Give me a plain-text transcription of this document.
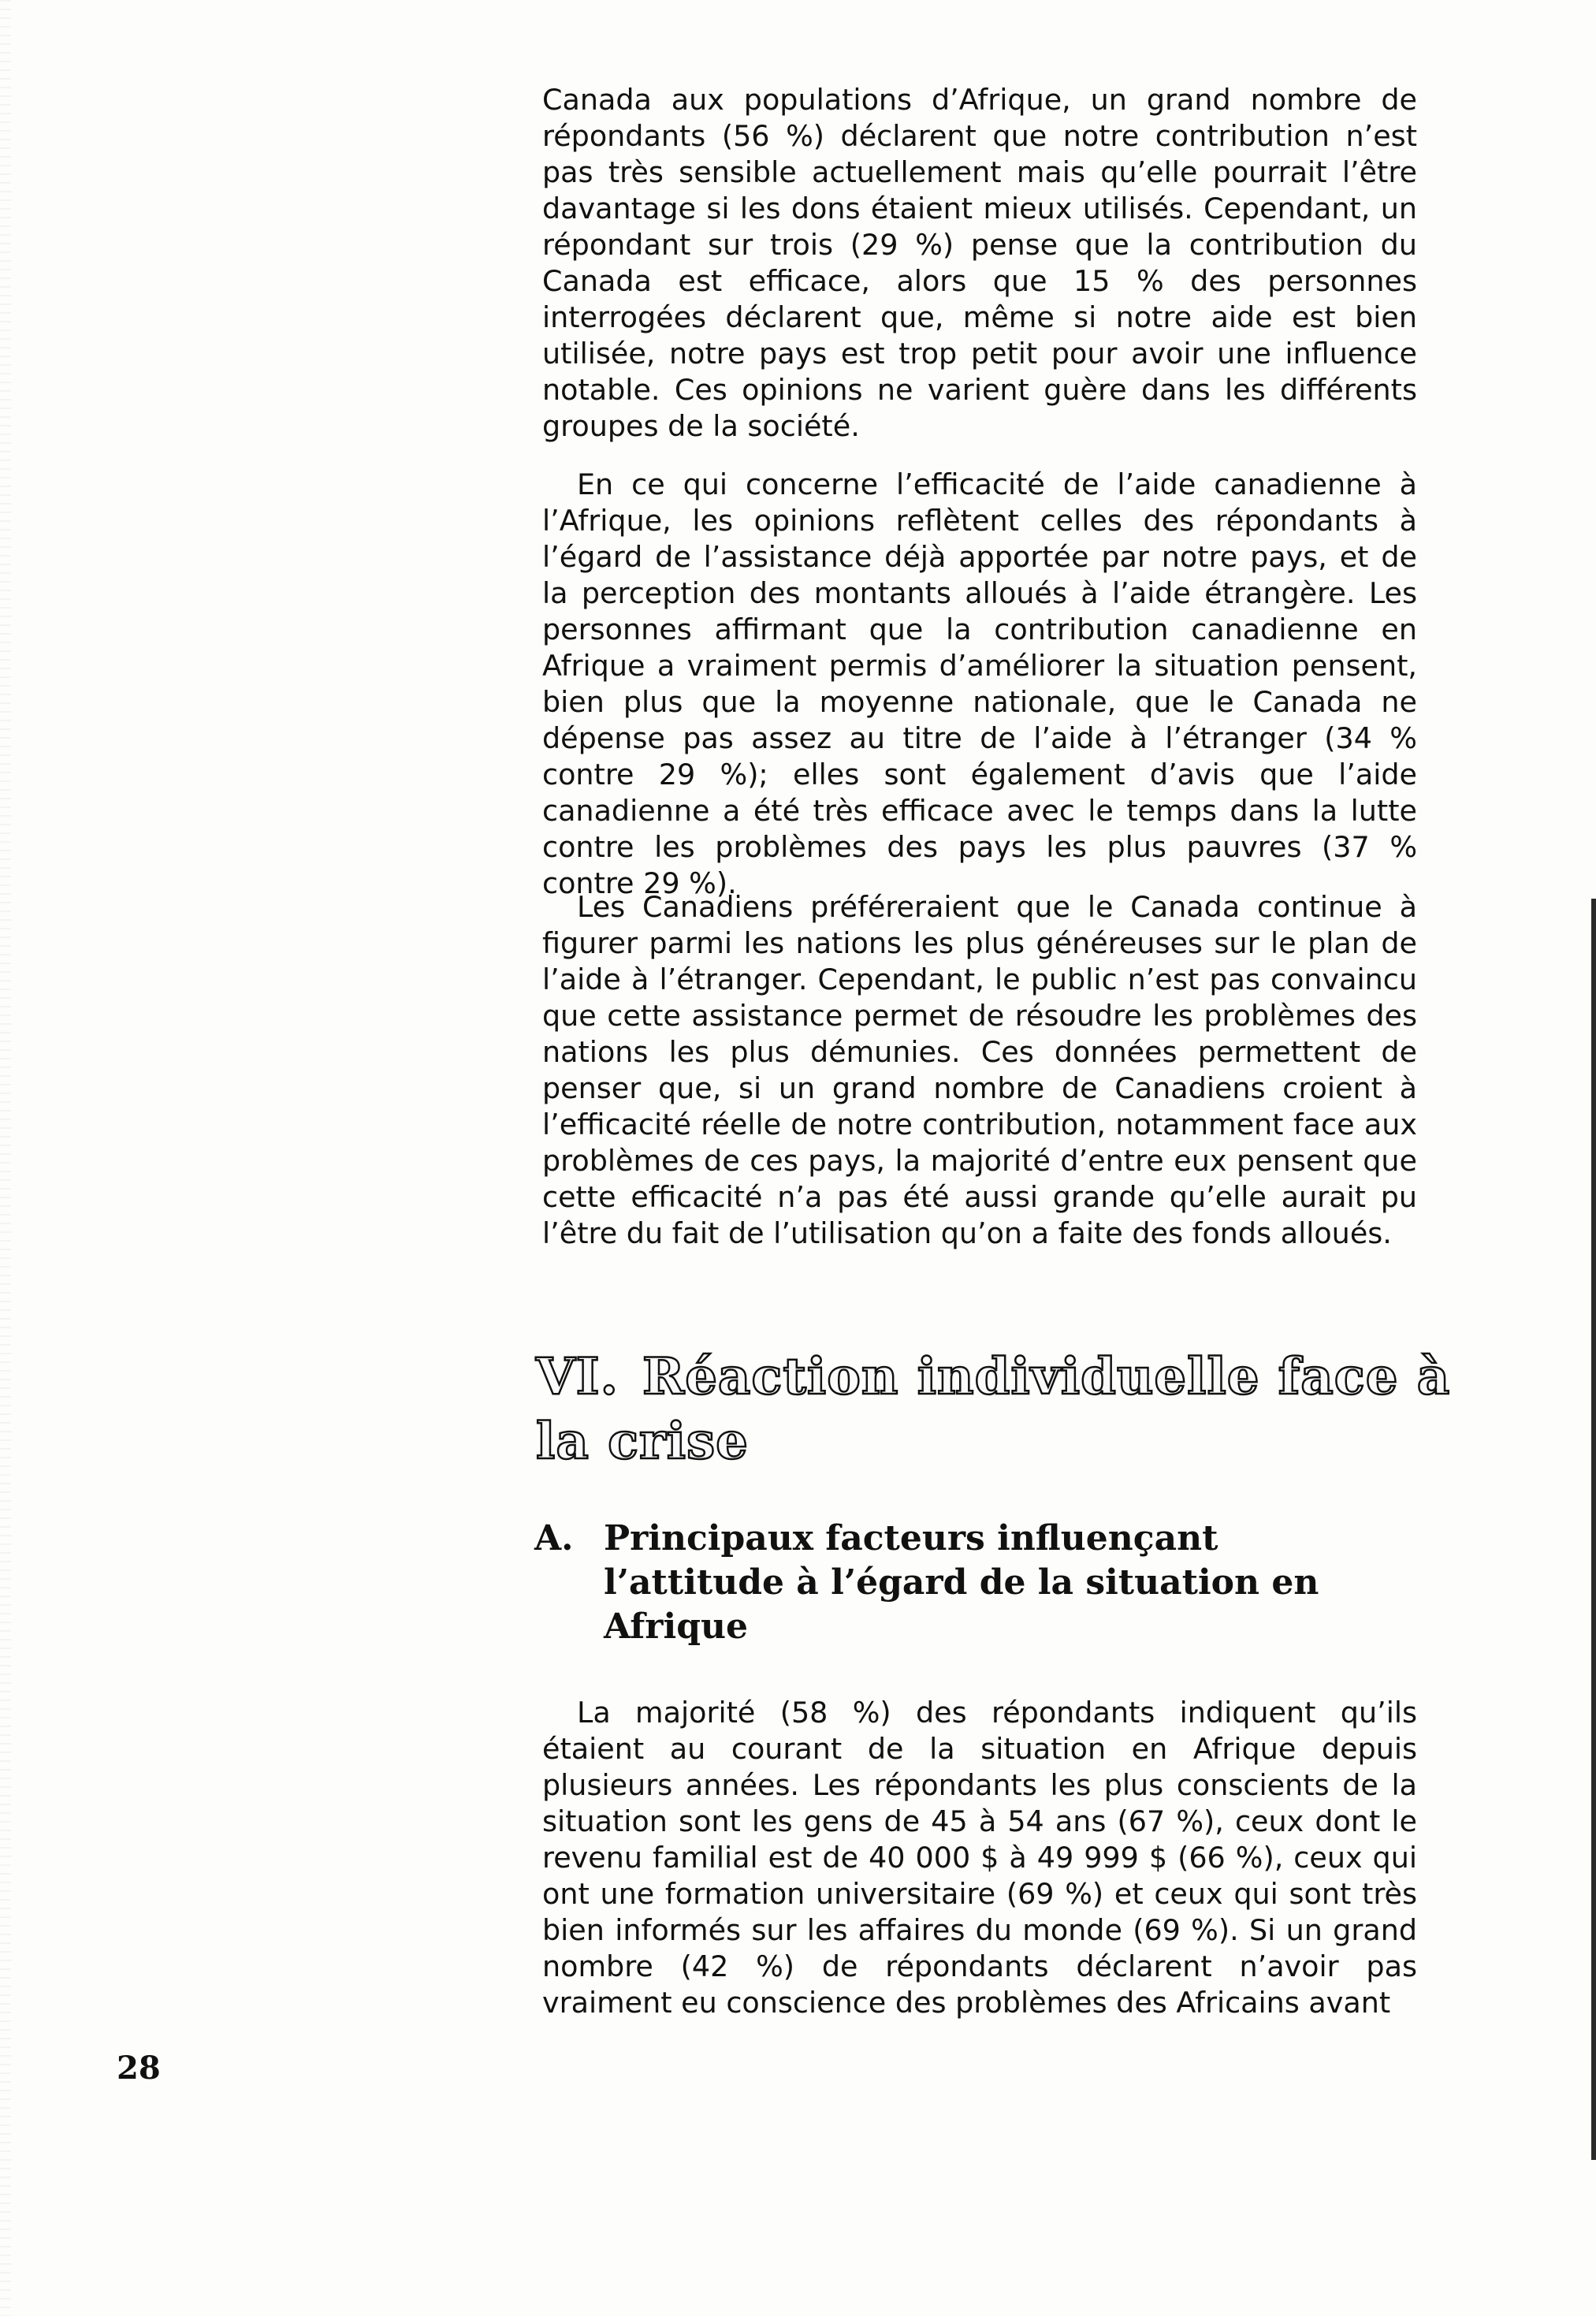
Canada aux populations d’Afrique, un grand nombre de répondants (56 %) déclarent que notre contribution n’est pas très sensible actuellement mais qu’elle pourrait l’être davantage si les dons étaient mieux utilisés. Cependant, un répondant sur trois (29 %) pense que la contribution du Canada est efficace, alors que 15 % des personnes interrogées déclarent que, même si notre aide est bien utilisée, notre pays est trop petit pour avoir une influence notable. Ces opinions ne varient guère dans les différents groupes de la société.

En ce qui concerne l’efficacité de l’aide canadienne à l’Afrique, les opinions reflètent celles des répondants à l’égard de l’assistance déjà apportée par notre pays, et de la perception des montants alloués à l’aide étrangère. Les personnes affirmant que la contribution canadienne en Afrique a vraiment permis d’améliorer la situation pensent, bien plus que la moyenne nationale, que le Canada ne dépense pas assez au titre de l’aide à l’étranger (34 % contre 29 %); elles sont également d’avis que l’aide canadienne a été très efficace avec le temps dans la lutte contre les problèmes des pays les plus pauvres (37 % contre 29 %).

Les Canadiens préféreraient que le Canada continue à figurer parmi les nations les plus généreuses sur le plan de l’aide à l’étranger. Cependant, le public n’est pas convaincu que cette assistance permet de résoudre les problèmes des nations les plus démunies. Ces données permettent de penser que, si un grand nombre de Canadiens croient à l’efficacité réelle de notre contribution, notamment face aux problèmes de ces pays, la majorité d’entre eux pensent que cette efficacité n’a pas été aussi grande qu’elle aurait pu l’être du fait de l’utilisation qu’on a faite des fonds alloués.

VI. Réaction individuelle face à la crise
A. Principaux facteurs influençant l’attitude à l’égard de la situation en Afrique

La majorité (58 %) des répondants indiquent qu’ils étaient au courant de la situation en Afrique depuis plusieurs années. Les répondants les plus conscients de la situation sont les gens de 45 à 54 ans (67 %), ceux dont le revenu familial est de 40 000 $ à 49 999 $ (66 %), ceux qui ont une formation universitaire (69 %) et ceux qui sont très bien informés sur les affaires du monde (69 %). Si un grand nombre (42 %) de répondants déclarent n’avoir pas vraiment eu conscience des problèmes des Africains avant

28
